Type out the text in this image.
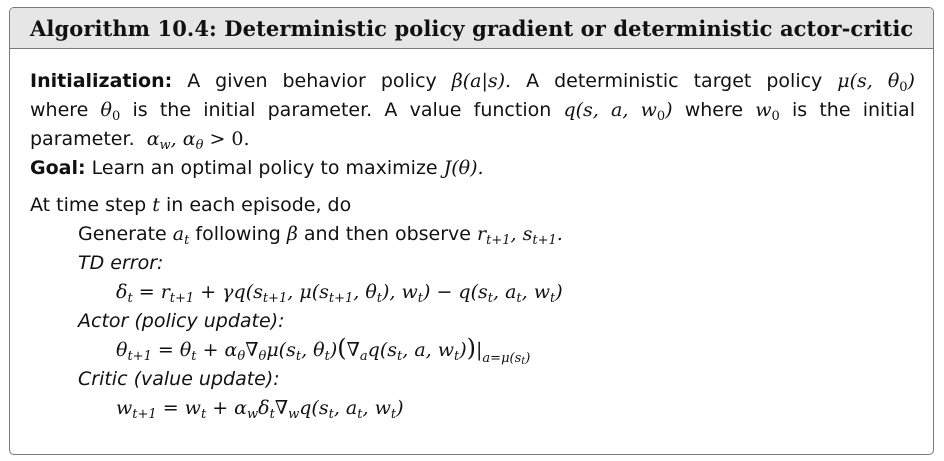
Algorithm 10.4: Deterministic policy gradient or deterministic actor-critic
Initialization: A given behavior policy β(a|s). A deterministic target policy μ(s, $\theta_0$)
where $\theta_0$ is the initial parameter. A value function q(s, a, $w_0$) where $w_0$ is the initial
parameter.  $\alpha_w$, $\alpha_\theta > 0$.
Goal: Learn an optimal policy to maximize J(θ).
At time step t in each episode, do
Generate $a_t$ following β and then observe $r_{t+1}$, $s_{t+1}$.
TD error:
$\delta_t = r_{t+1} + \gamma q(s_{t+1}$, $\mu(s_{t+1}$, $\theta_t$), $w_t) - q(s_t$, $a_t$, $w_t$)
Actor (policy update):
$\theta_{t+1} = \theta_t + \alpha_\theta\nabla_\theta\mu(s_t$, $\theta_t)(\nabla_aq(s_t$, a, $w_t))|_{a=\mu(s_t)}$
Critic (value update):
$w_{t+1} = w_t + \alpha_w\delta_t\nabla_wq(s_t$, $a_t$, $w_t$)
